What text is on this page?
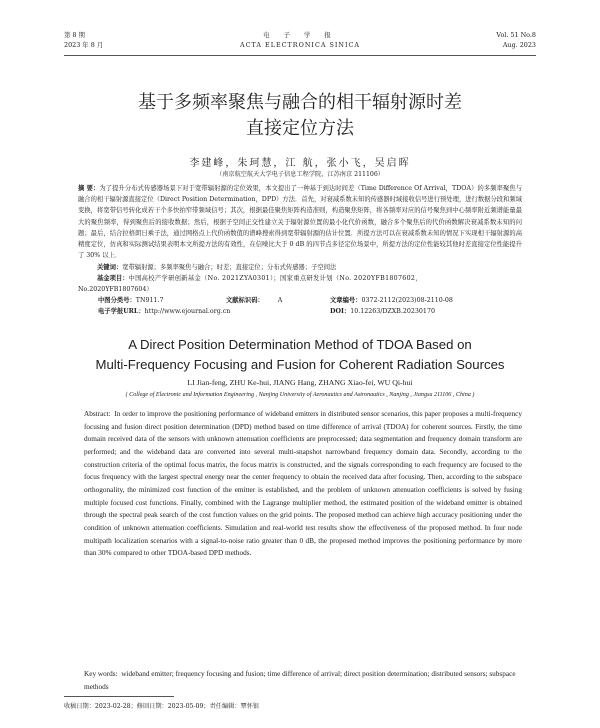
第 8 期
2023 年 8 月
电 子 学 报
ACTA ELECTRONICA SINICA
Vol. 51 No.8
Aug. 2023
基于多频率聚焦与融合的相干辐射源时差
直接定位方法
李建峰，朱珂慧，江 航，张小飞，吴启晖
（南京航空航天大学电子信息工程学院，江苏南京 211106）
摘 要：为了提升分布式传感器场景下对于宽带辐射源的定位效果，本文提出了一种基于到达时间差（Time Difference Of Arrival，TDOA）的多频率聚焦与融合的相干辐射源直接定位（Direct Position Determination，DPD）方法．首先，对衰减系数未知的传感器时域接收信号进行预处理，进行数据分段和频域变换，将宽带信号转化成若干个多快拍窄带频域信号；其次，根据最佳聚焦矩阵构造准则，构造聚焦矩阵，将各频率对应的信号聚焦到中心频率附近频谱能量最大的聚焦频率，得到聚焦后的接收数据；然后，根据子空间正交性建立关于辐射源位置的最小化代价函数，融合多个聚焦后的代价函数解决衰减系数未知的问题；最后，结合拉格朗日乘子法，通过网格点上代价函数值的谱峰搜索得到宽带辐射源的估计位置．所提方法可以在衰减系数未知的情况下实现相干辐射源的高精度定位，仿真和实际测试结果表明本文所提方法的有效性，在信噪比大于 0 dB 的四节点多径定位场景中，所提方法的定位性能较其他时差直接定位性能提升了 30% 以上．
关键词：宽带辐射源；多频率聚焦与融合；时差；直接定位；分布式传感器；子空间法
基金项目：中国高校产学研创新基金（No. 2021ZYA0301）；国家重点研发计划（No. 2020YFB1807602，
No.2020YFB1807604）
中图分类号：TN911.7	文献标识码： A	文章编号：0372-2112(2023)08-2110-08
电子学报URL：http://www.ejournal.org.cn	DOI：10.12263/DZXB.20230170
A Direct Position Determination Method of TDOA Based on
Multi-Frequency Focusing and Fusion for Coherent Radiation Sources
LI Jian-feng, ZHU Ke-hui, JIANG Hang, ZHANG Xiao-fei, WU Qi-hui
( College of Electronic and Information Engineering , Nanjing University of Aeronautics and Astronautics , Nanjing , Jiangsu 211106 , China )
Abstract: In order to improve the positioning performance of wideband emitters in distributed sensor scenarios, this paper proposes a multi-frequency focusing and fusion direct position determination (DPD) method based on time difference of arrival (TDOA) for coherent sources. Firstly, the time domain received data of the sensors with unknown attenuation coefficients are preprocessed; data segmentation and frequency domain transform are performed; and the wideband data are converted into several multi-snapshot narrowband frequency domain data. Secondly, according to the construction criteria of the optimal focus matrix, the focus matrix is constructed, and the signals corresponding to each frequency are focused to the focus frequency with the largest spectral energy near the center frequency to obtain the received data after focusing. Then, according to the subspace orthogonality, the minimized cost function of the emitter is established, and the problem of unknown attenuation coefficients is solved by fusing multiple focused cost functions. Finally, combined with the Lagrange multiplier method, the estimated position of the wideband emitter is obtained through the spectral peak search of the cost function values on the grid points. The proposed method can achieve high accuracy positioning under the condition of unknown attenuation coefficients. Simulation and real-world test results show the effectiveness of the proposed method. In four node multipath localization scenarios with a signal-to-noise ratio greater than 0 dB, the proposed method improves the positioning performance by more than 30% compared to other TDOA-based DPD methods.
Key words: wideband emitter; frequency focusing and fusion; time difference of arrival; direct position determination; distributed sensors; subspace methods
收稿日期：2023-02-28；修回日期：2023-05-09；责任编辑：覃怀银
